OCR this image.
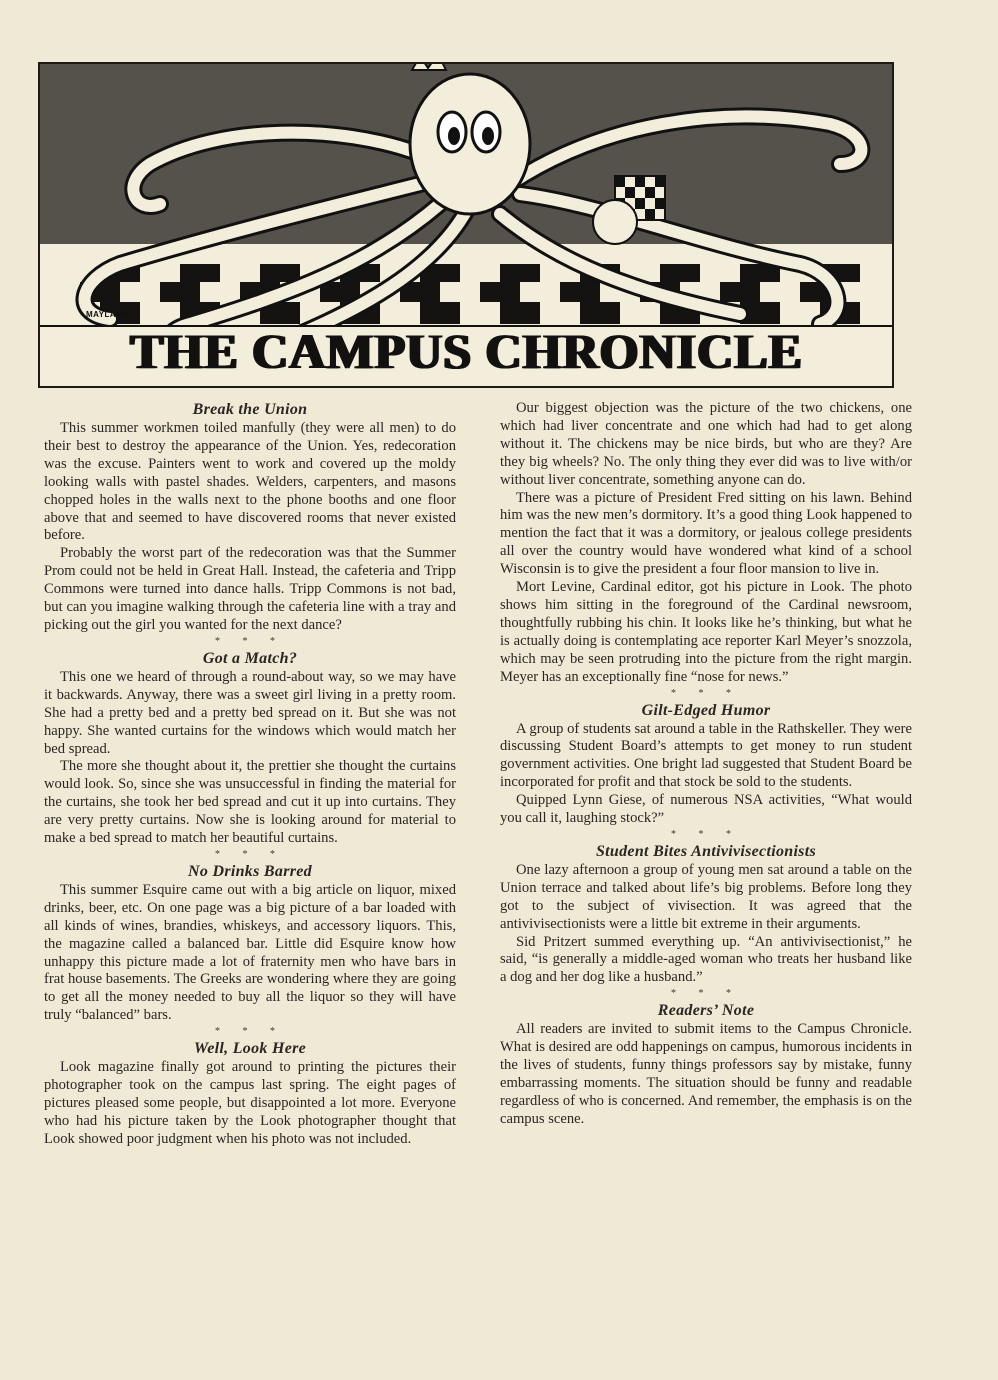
MAYLAND
THE CAMPUS CHRONICLE
Break the Union

This summer workmen toiled manfully (they were all men) to do their best to destroy the appearance of the Union. Yes, redecoration was the excuse. Painters went to work and covered up the moldy looking walls with pastel shades. Welders, carpenters, and masons chopped holes in the walls next to the phone booths and one floor above that and seemed to have discovered rooms that never existed before.

Probably the worst part of the redecoration was that the Summer Prom could not be held in Great Hall. Instead, the cafeteria and Tripp Commons were turned into dance halls. Tripp Commons is not bad, but can you imagine walking through the cafeteria line with a tray and picking out the girl you wanted for the next dance?

* * *
Got a Match?

This one we heard of through a round-about way, so we may have it backwards. Anyway, there was a sweet girl living in a pretty room. She had a pretty bed and a pretty bed spread on it. But she was not happy. She wanted curtains for the windows which would match her bed spread.

The more she thought about it, the prettier she thought the curtains would look. So, since she was unsuccessful in finding the material for the curtains, she took her bed spread and cut it up into curtains. They are very pretty curtains. Now she is looking around for material to make a bed spread to match her beautiful curtains.

* * *
No Drinks Barred

This summer Esquire came out with a big article on liquor, mixed drinks, beer, etc. On one page was a big picture of a bar loaded with all kinds of wines, brandies, whiskeys, and accessory liquors. This, the magazine called a balanced bar. Little did Esquire know how unhappy this picture made a lot of fraternity men who have bars in frat house basements. The Greeks are wondering where they are going to get all the money needed to buy all the liquor so they will have truly “balanced” bars.

* * *
Well, Look Here

Look magazine finally got around to printing the pictures their photographer took on the campus last spring. The eight pages of pictures pleased some people, but disappointed a lot more. Everyone who had his picture taken by the Look photographer thought that Look showed poor judgment when his photo was not included.

Our biggest objection was the picture of the two chickens, one which had liver concentrate and one which had had to get along without it. The chickens may be nice birds, but who are they? Are they big wheels? No. The only thing they ever did was to live with/or without liver concentrate, something anyone can do.

There was a picture of President Fred sitting on his lawn. Behind him was the new men’s dormitory. It’s a good thing Look happened to mention the fact that it was a dormitory, or jealous college presidents all over the country would have wondered what kind of a school Wisconsin is to give the president a four floor mansion to live in.

Mort Levine, Cardinal editor, got his picture in Look. The photo shows him sitting in the foreground of the Cardinal newsroom, thoughtfully rubbing his chin. It looks like he’s thinking, but what he is actually doing is contemplating ace reporter Karl Meyer’s snozzola, which may be seen protruding into the picture from the right margin. Meyer has an exceptionally fine “nose for news.”

* * *
Gilt-Edged Humor

A group of students sat around a table in the Rathskeller. They were discussing Student Board’s attempts to get money to run student government activities. One bright lad suggested that Student Board be incorporated for profit and that stock be sold to the students.

Quipped Lynn Giese, of numerous NSA activities, “What would you call it, laughing stock?”

* * *
Student Bites Antivivisectionists

One lazy afternoon a group of young men sat around a table on the Union terrace and talked about life’s big problems. Before long they got to the subject of vivisection. It was agreed that the antivivisectionists were a little bit extreme in their arguments.

Sid Pritzert summed everything up. “An antivivisectionist,” he said, “is generally a middle-aged woman who treats her husband like a dog and her dog like a husband.”

* * *
Readers’ Note

All readers are invited to submit items to the Campus Chronicle. What is desired are odd happenings on campus, humorous incidents in the lives of students, funny things professors say by mistake, funny embarrassing moments. The situation should be funny and readable regardless of who is concerned. And remember, the emphasis is on the campus scene.
